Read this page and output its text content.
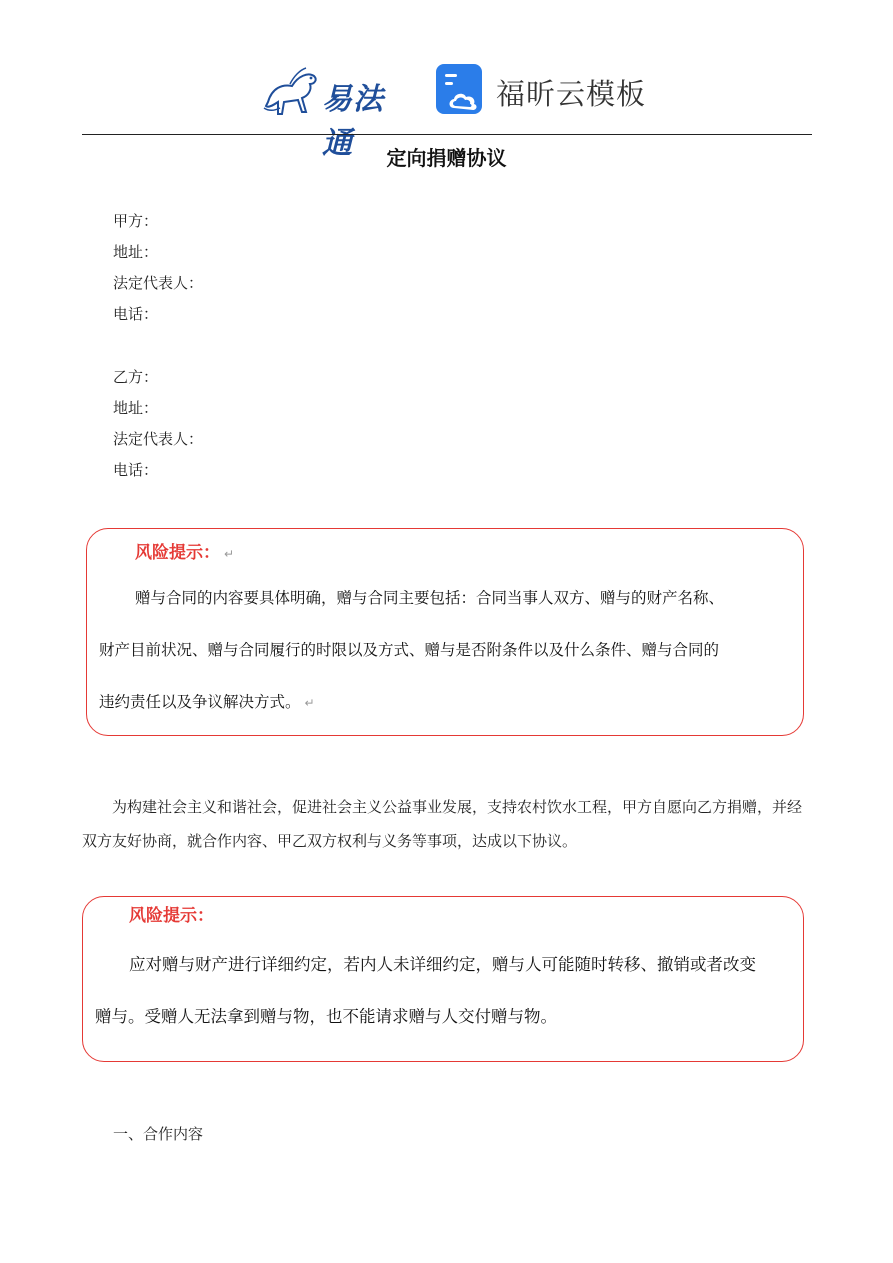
易法通
福昕云模板
定向捐赠协议
甲方：
地址：
法定代表人：
电话：
乙方：
地址：
法定代表人：
电话：

风险提示： ↵

赠与合同的内容要具体明确，赠与合同主要包括：合同当事人双方、赠与的财产名称、

财产目前状况、赠与合同履行的时限以及方式、赠与是否附条件以及什么条件、赠与合同的

违约责任以及争议解决方式。 ↵

为构建社会主义和谐社会，促进社会主义公益事业发展，支持农村饮水工程，甲方自愿向乙方捐赠，并经双方友好协商，就合作内容、甲乙双方权利与义务等事项，达成以下协议。

风险提示：

应对赠与财产进行详细约定，若内人未详细约定，赠与人可能随时转移、撤销或者改变

赠与。受赠人无法拿到赠与物，也不能请求赠与人交付赠与物。

一、合作内容
